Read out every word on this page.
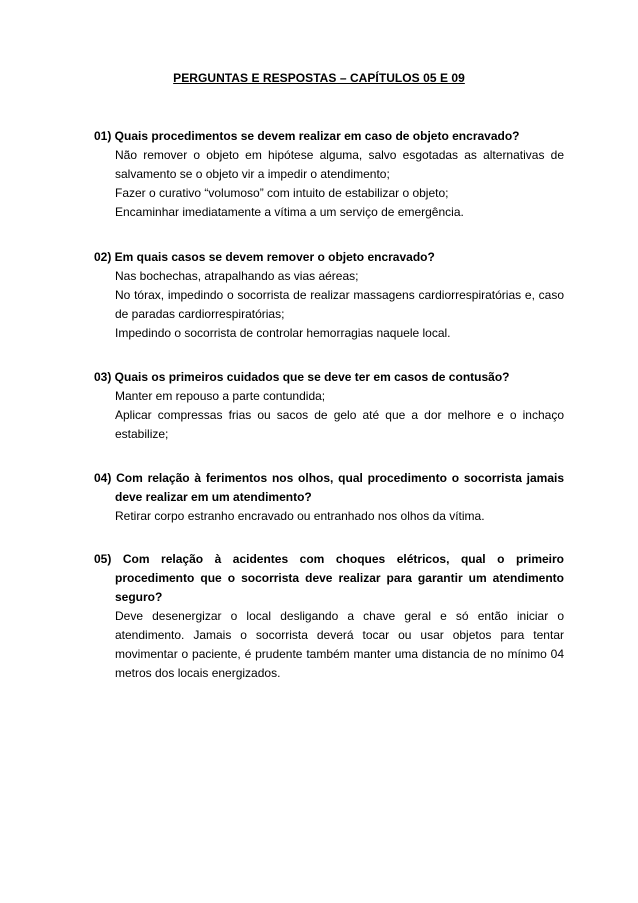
PERGUNTAS E RESPOSTAS – CAPÍTULOS 05 E 09
01) Quais procedimentos se devem realizar em caso de objeto encravado?
Não remover o objeto em hipótese alguma, salvo esgotadas as alternativas de salvamento se o objeto vir a impedir o atendimento;
Fazer o curativo “volumoso” com intuito de estabilizar o objeto;
Encaminhar imediatamente a vítima a um serviço de emergência.
02) Em quais casos se devem remover o objeto encravado?
Nas bochechas, atrapalhando as vias aéreas;
No tórax, impedindo o socorrista de realizar massagens cardiorrespiratórias e, caso de paradas cardiorrespiratórias;
Impedindo o socorrista de controlar hemorragias naquele local.
03) Quais os primeiros cuidados que se deve ter em casos de contusão?
Manter em repouso a parte contundida;
Aplicar compressas frias ou sacos de gelo até que a dor melhore e o inchaço estabilize;
04) Com relação à ferimentos nos olhos, qual procedimento o socorrista jamais deve realizar em um atendimento?
Retirar corpo estranho encravado ou entranhado nos olhos da vítima.
05) Com relação à acidentes com choques elétricos, qual o primeiro procedimento que o socorrista deve realizar para garantir um atendimento seguro?
Deve desenergizar o local desligando a chave geral e só então iniciar o atendimento. Jamais o socorrista deverá tocar ou usar objetos para tentar movimentar o paciente, é prudente também manter uma distancia de no mínimo 04 metros dos locais energizados.
